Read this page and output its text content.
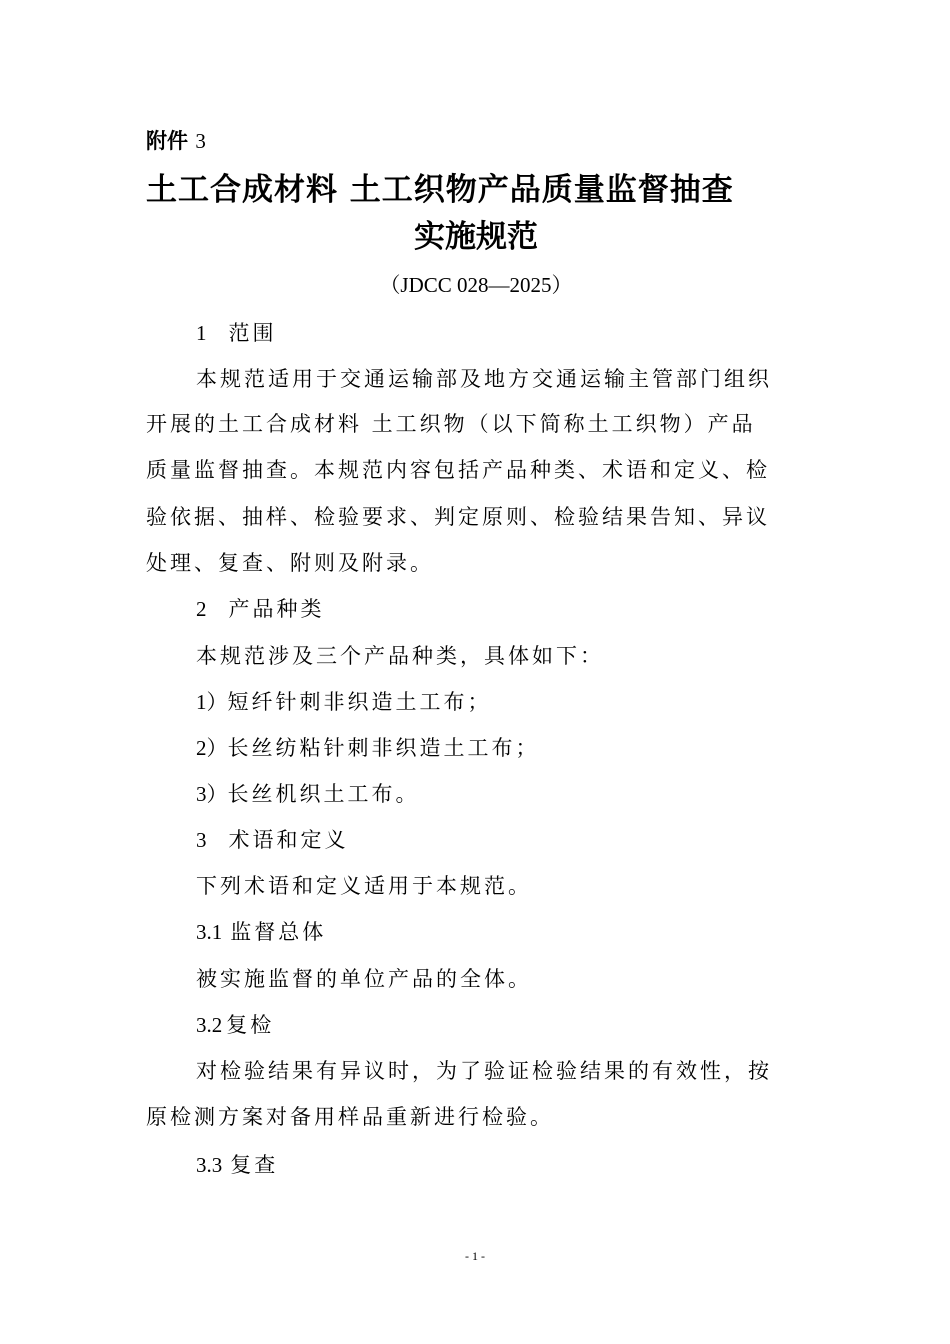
附件 3
土工合成材料 土工织物产品质量监督抽查
实施规范
（JDCC 028—2025）
1 范围
本规范适用于交通运输部及地方交通运输主管部门组织
开展的土工合成材料 土工织物（以下简称土工织物）产品
质量监督抽查。本规范内容包括产品种类、术语和定义、检
验依据、抽样、检验要求、判定原则、检验结果告知、异议
处理、复查、附则及附录。
2 产品种类
本规范涉及三个产品种类，具体如下：
1）短纤针刺非织造土工布；
2）长丝纺粘针刺非织造土工布；
3）长丝机织土工布。
3 术语和定义
下列术语和定义适用于本规范。
3.1 监督总体
被实施监督的单位产品的全体。
3.2 复检
对检验结果有异议时，为了验证检验结果的有效性，按
原检测方案对备用样品重新进行检验。
3.3 复查
- 1 -
